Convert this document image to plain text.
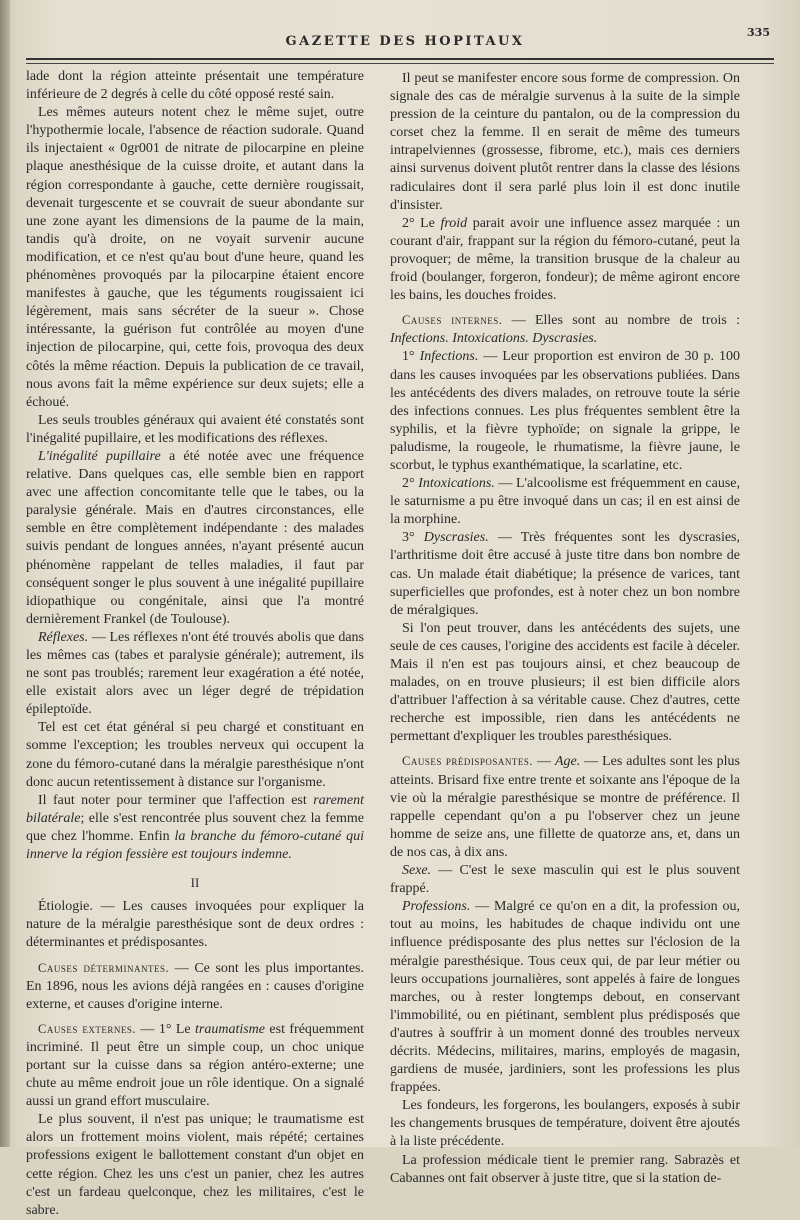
GAZETTE DES HOPITAUX
335

lade dont la région atteinte présentait une température inférieure de 2 degrés à celle du côté opposé resté sain.

Les mêmes auteurs notent chez le même sujet, outre l'hypothermie locale, l'absence de réaction sudorale. Quand ils injectaient « 0gr001 de nitrate de pilocarpine en pleine plaque anesthésique de la cuisse droite, et autant dans la région correspondante à gauche, cette dernière rougissait, devenait turgescente et se couvrait de sueur abondante sur une zone ayant les dimensions de la paume de la main, tandis qu'à droite, on ne voyait survenir aucune modification, et ce n'est qu'au bout d'une heure, quand les phénomènes provoqués par la pilocarpine étaient encore manifestes à gauche, que les téguments rougissaient ici légèrement, mais sans sécréter de la sueur ». Chose intéressante, la guérison fut contrôlée au moyen d'une injection de pilocarpine, qui, cette fois, provoqua des deux côtés la même réaction. Depuis la publication de ce travail, nous avons fait la même expérience sur deux sujets; elle a échoué.

Les seuls troubles généraux qui avaient été constatés sont l'inégalité pupillaire, et les modifications des réflexes.

L'inégalité pupillaire a été notée avec une fréquence relative. Dans quelques cas, elle semble bien en rapport avec une affection concomitante telle que le tabes, ou la paralysie générale. Mais en d'autres circonstances, elle semble en être complètement indépendante : des malades suivis pendant de longues années, n'ayant présenté aucun phénomène rappelant de telles maladies, il faut par conséquent songer le plus souvent à une inégalité pupillaire idiopathique ou congénitale, ainsi que l'a montré dernièrement Frankel (de Toulouse).

Réflexes. — Les réflexes n'ont été trouvés abolis que dans les mêmes cas (tabes et paralysie générale); autrement, ils ne sont pas troublés; rarement leur exagération a été notée, elle existait alors avec un léger degré de trépidation épileptoïde.

Tel est cet état général si peu chargé et constituant en somme l'exception; les troubles nerveux qui occupent la zone du fémoro-cutané dans la méralgie paresthésique n'ont donc aucun retentissement à distance sur l'organisme.

Il faut noter pour terminer que l'affection est rarement bilatérale; elle s'est rencontrée plus souvent chez la femme que chez l'homme. Enfin la branche du fémoro-cutané qui innerve la région fessière est toujours indemne.

II

Étiologie. — Les causes invoquées pour expliquer la nature de la méralgie paresthésique sont de deux ordres : déterminantes et prédisposantes.

Causes déterminantes. — Ce sont les plus importantes. En 1896, nous les avions déjà rangées en : causes d'origine externe, et causes d'origine interne.

Causes externes. — 1° Le traumatisme est fréquemment incriminé. Il peut être un simple coup, un choc unique portant sur la cuisse dans sa région antéro-externe; une chute au même endroit joue un rôle identique. On a signalé aussi un grand effort musculaire.

Le plus souvent, il n'est pas unique; le traumatisme est alors un frottement moins violent, mais répété; certaines professions exigent le ballottement constant d'un objet en cette région. Chez les uns c'est un panier, chez les autres c'est un fardeau quelconque, chez les militaires, c'est le sabre.

Il peut se manifester encore sous forme de compression. On signale des cas de méralgie survenus à la suite de la simple pression de la ceinture du pantalon, ou de la compression du corset chez la femme. Il en serait de même des tumeurs intrapelviennes (grossesse, fibrome, etc.), mais ces derniers ainsi survenus doivent plutôt rentrer dans la classe des lésions radiculaires dont il sera parlé plus loin il est donc inutile d'insister.

2° Le froid parait avoir une influence assez marquée : un courant d'air, frappant sur la région du fémoro-cutané, peut la provoquer; de même, la transition brusque de la chaleur au froid (boulanger, forgeron, fondeur); de même agiront encore les bains, les douches froides.

Causes internes. — Elles sont au nombre de trois : Infections. Intoxications. Dyscrasies.

1° Infections. — Leur proportion est environ de 30 p. 100 dans les causes invoquées par les observations publiées. Dans les antécédents des divers malades, on retrouve toute la série des infections connues. Les plus fréquentes semblent être la syphilis, et la fièvre typhoïde; on signale la grippe, le paludisme, la rougeole, le rhumatisme, la fièvre jaune, le scorbut, le typhus exanthématique, la scarlatine, etc.

2° Intoxications. — L'alcoolisme est fréquemment en cause, le saturnisme a pu être invoqué dans un cas; il en est ainsi de la morphine.

3° Dyscrasies. — Très fréquentes sont les dyscrasies, l'arthritisme doit être accusé à juste titre dans bon nombre de cas. Un malade était diabétique; la présence de varices, tant superficielles que profondes, est à noter chez un bon nombre de méralgiques.

Si l'on peut trouver, dans les antécédents des sujets, une seule de ces causes, l'origine des accidents est facile à déceler. Mais il n'en est pas toujours ainsi, et chez beaucoup de malades, on en trouve plusieurs; il est bien difficile alors d'attribuer l'affection à sa véritable cause. Chez d'autres, cette recherche est impossible, rien dans les antécédents ne permettant d'expliquer les troubles paresthésiques.

Causes prédisposantes. — Age. — Les adultes sont les plus atteints. Brisard fixe entre trente et soixante ans l'époque de la vie où la méralgie paresthésique se montre de préférence. Il rappelle cependant qu'on a pu l'observer chez un jeune homme de seize ans, une fillette de quatorze ans, et, dans un de nos cas, à dix ans.

Sexe. — C'est le sexe masculin qui est le plus souvent frappé.

Professions. — Malgré ce qu'on en a dit, la profession ou, tout au moins, les habitudes de chaque individu ont une influence prédisposante des plus nettes sur l'éclosion de la méralgie paresthésique. Tous ceux qui, de par leur métier ou leurs occupations journalières, sont appelés à faire de longues marches, ou à rester longtemps debout, en conservant l'immobilité, ou en piétinant, semblent plus prédisposés que d'autres à souffrir à un moment donné des troubles nerveux décrits. Médecins, militaires, marins, employés de magasin, gardiens de musée, jardiniers, sont les professions les plus frappées.

Les fondeurs, les forgerons, les boulangers, exposés à subir les changements brusques de température, doivent être ajoutés à la liste précédente.

La profession médicale tient le premier rang. Sabrazès et Cabannes ont fait observer à juste titre, que si la station de-
